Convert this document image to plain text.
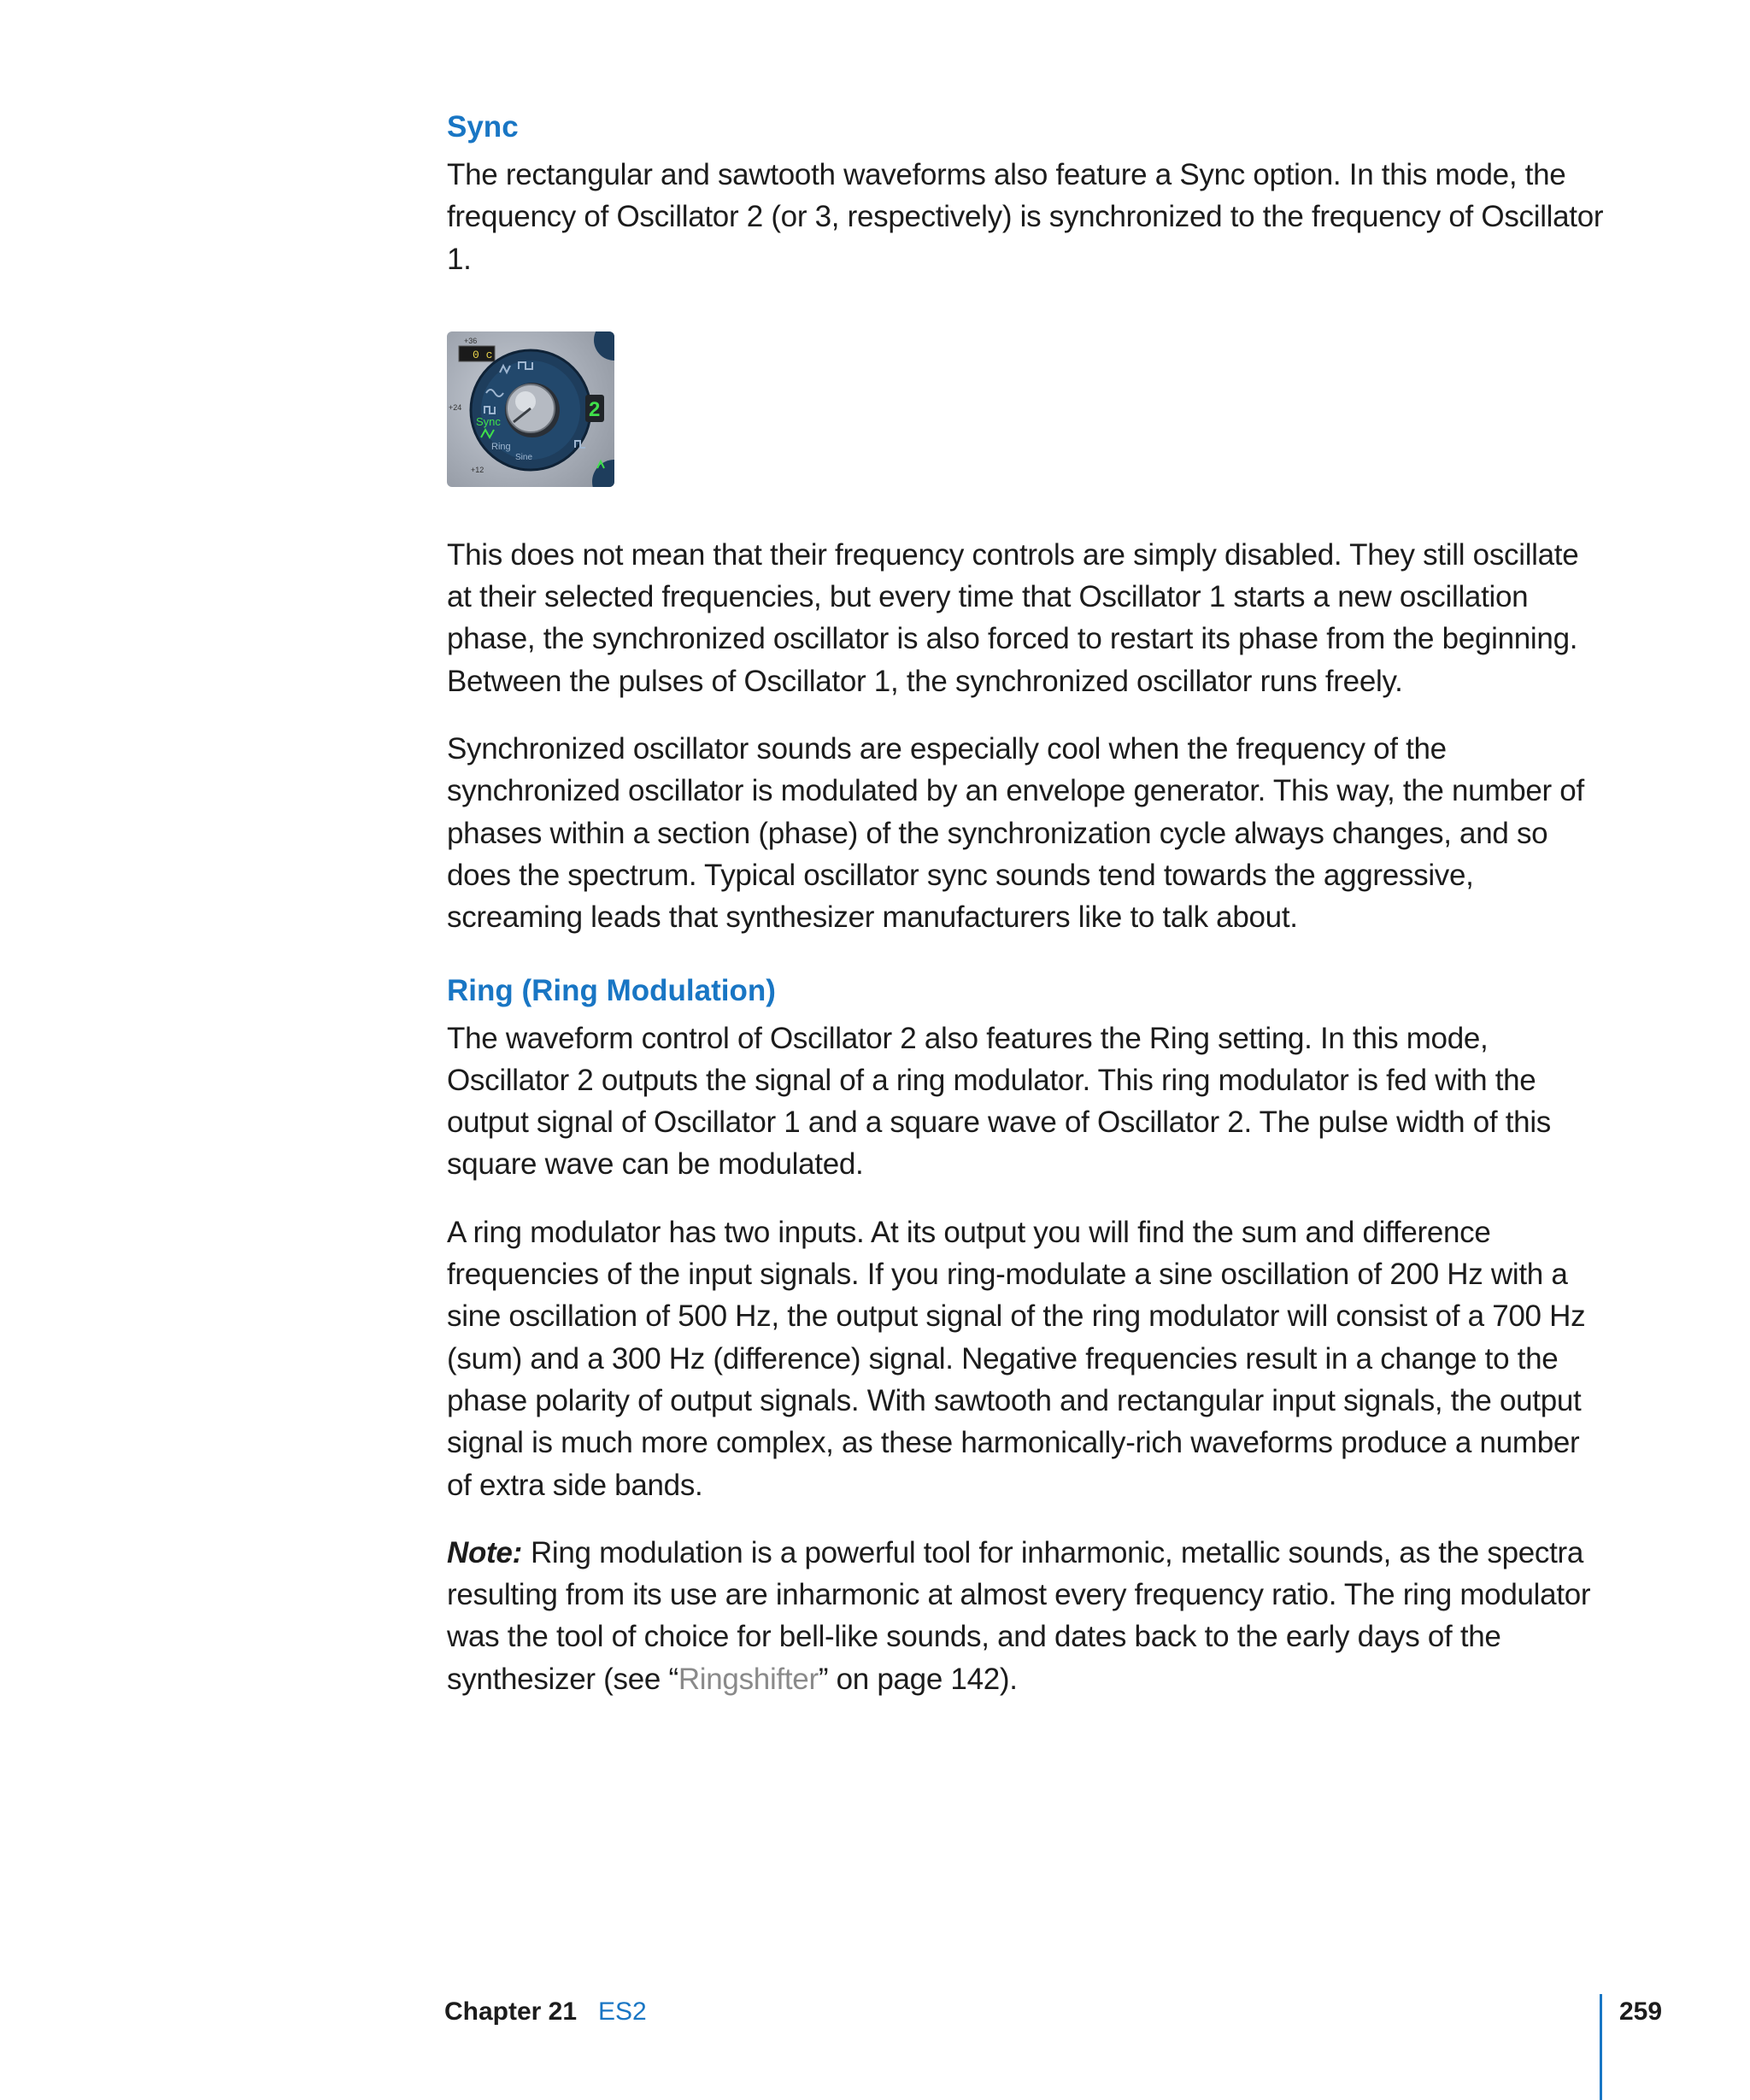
Sync

The rectangular and sawtooth waveforms also feature a Sync option. In this mode, the frequency of Oscillator 2 (or 3, respectively) is synchronized to the frequency of Oscillator 1.

0 c
+36
+24
+12
Sync
Ring
Sine
2

This does not mean that their frequency controls are simply disabled. They still oscillate at their selected frequencies, but every time that Oscillator 1 starts a new oscillation phase, the synchronized oscillator is also forced to restart its phase from the beginning. Between the pulses of Oscillator 1, the synchronized oscillator runs freely.

Synchronized oscillator sounds are especially cool when the frequency of the synchronized oscillator is modulated by an envelope generator. This way, the number of phases within a section (phase) of the synchronization cycle always changes, and so does the spectrum. Typical oscillator sync sounds tend towards the aggressive, screaming leads that synthesizer manufacturers like to talk about.

Ring (Ring Modulation)

The waveform control of Oscillator 2 also features the Ring setting. In this mode, Oscillator 2 outputs the signal of a ring modulator. This ring modulator is fed with the output signal of Oscillator 1 and a square wave of Oscillator 2. The pulse width of this square wave can be modulated.

A ring modulator has two inputs. At its output you will find the sum and difference frequencies of the input signals. If you ring-modulate a sine oscillation of 200 Hz with a sine oscillation of 500 Hz, the output signal of the ring modulator will consist of a 700 Hz (sum) and a 300 Hz (difference) signal. Negative frequencies result in a change to the phase polarity of output signals. With sawtooth and rectangular input signals, the output signal is much more complex, as these harmonically-rich waveforms produce a number of extra side bands.

Note: Ring modulation is a powerful tool for inharmonic, metallic sounds, as the spectra resulting from its use are inharmonic at almost every frequency ratio. The ring modulator was the tool of choice for bell-like sounds, and dates back to the early days of the synthesizer (see “Ringshifter” on page 142).

Chapter 21 ES2	259
